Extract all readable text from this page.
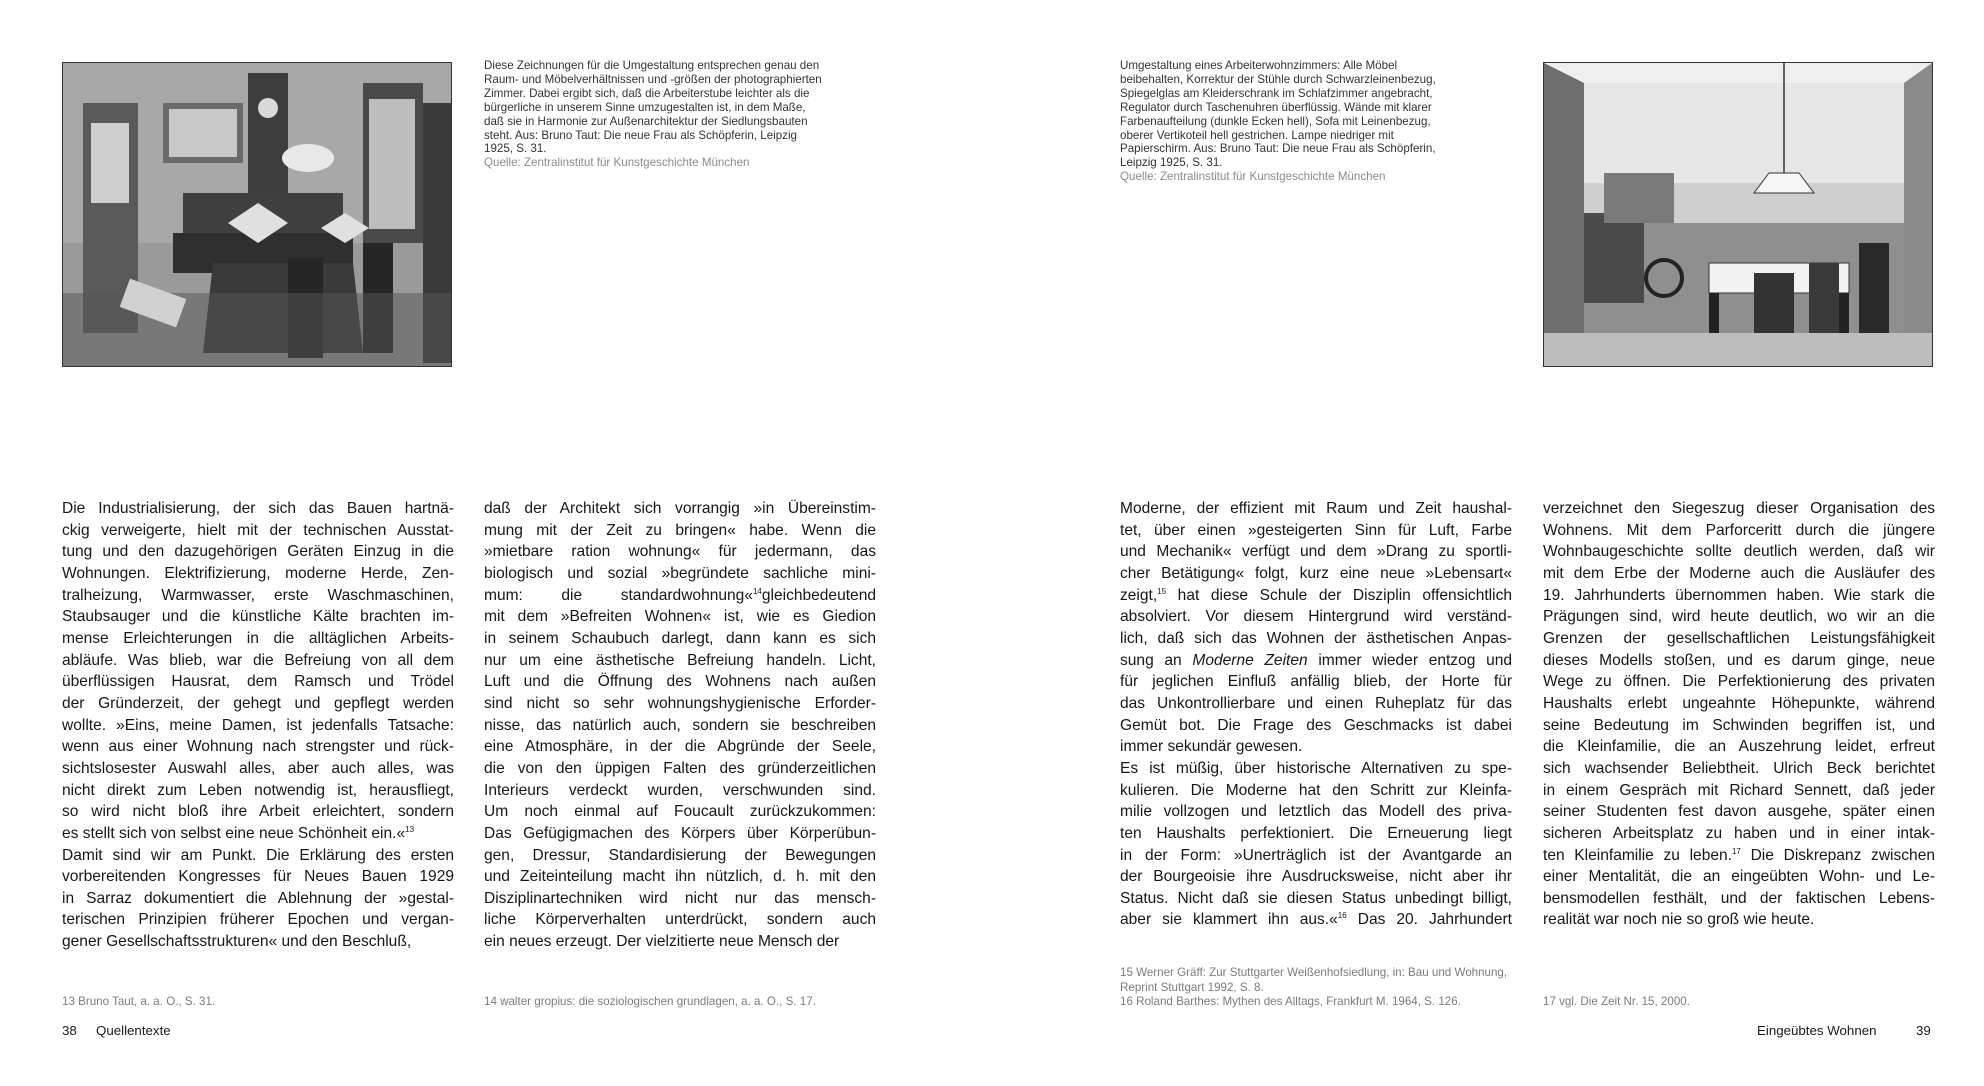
Diese Zeichnungen für die Umgestaltung entsprechen genau den Raum- und Möbelverhältnissen und -größen der photographierten Zimmer. Dabei ergibt sich, daß die Arbeiterstube leichter als die bürgerliche in unserem Sinne umzugestalten ist, in dem Maße, daß sie in Harmonie zur Außenarchitektur der Siedlungsbauten steht. Aus: Bruno Taut: Die neue Frau als Schöpferin, Leipzig 1925, S. 31.
Quelle: Zentralinstitut für Kunstgeschichte München
Die Industrialisierung, der sich das Bauen hartnä-
ckig verweigerte, hielt mit der technischen Ausstat-
tung und den dazugehörigen Geräten Einzug in die
Wohnungen. Elektrifizierung, moderne Herde, Zen-
tralheizung, Warmwasser, erste Waschmaschinen,
Staubsauger und die künstliche Kälte brachten im-
mense Erleichterungen in die alltäglichen Arbeits-
abläufe. Was blieb, war die Befreiung von all dem
überflüssigen Hausrat, dem Ramsch und Trödel
der Gründerzeit, der gehegt und gepflegt werden
wollte. »Eins, meine Damen, ist jedenfalls Tatsache:
wenn aus einer Wohnung nach strengster und rück-
sichtslosester Auswahl alles, aber auch alles, was
nicht direkt zum Leben notwendig ist, herausfliegt,
so wird nicht bloß ihre Arbeit erleichtert, sondern
es stellt sich von selbst eine neue Schönheit ein.«$^{13}$
Damit sind wir am Punkt. Die Erklärung des ersten
vorbereitenden Kongresses für Neues Bauen 1929
in Sarraz dokumentiert die Ablehnung der »gestal-
terischen Prinzipien früherer Epochen und vergan-
gener Gesellschaftsstrukturen« und den Beschluß,
daß der Architekt sich vorrangig »in Übereinstim-
mung mit der Zeit zu bringen« habe. Wenn die
»mietbare ration wohnung« für jedermann, das
biologisch und sozial »begründete sachliche mini-
mum: die standardwohnung«$^{14}$gleichbedeutend
mit dem »Befreiten Wohnen« ist, wie es Giedion
in seinem Schaubuch darlegt, dann kann es sich
nur um eine ästhetische Befreiung handeln. Licht,
Luft und die Öffnung des Wohnens nach außen
sind nicht so sehr wohnungshygienische Erforder-
nisse, das natürlich auch, sondern sie beschreiben
eine Atmosphäre, in der die Abgründe der Seele,
die von den üppigen Falten des gründerzeitlichen
Interieurs verdeckt wurden, verschwunden sind.
Um noch einmal auf Foucault zurückzukommen:
Das Gefügigmachen des Körpers über Körperübun-
gen, Dressur, Standardisierung der Bewegungen
und Zeiteinteilung macht ihn nützlich, d. h. mit den
Disziplinartechniken wird nicht nur das mensch-
liche Körperverhalten unterdrückt, sondern auch
ein neues erzeugt. Der vielzitierte neue Mensch der
13 Bruno Taut, a. a. O., S. 31.	14 walter gropius: die soziologischen grundlagen, a. a. O., S. 17.
38 Quellentexte
Umgestaltung eines Arbeiterwohnzimmers: Alle Möbel beibehalten, Korrektur der Stühle durch Schwarzleinenbezug, Spiegelglas am Kleiderschrank im Schlafzimmer angebracht, Regulator durch Taschenuhren überflüssig. Wände mit klarer Farbenaufteilung (dunkle Ecken hell), Sofa mit Leinenbezug, oberer Vertikoteil hell gestrichen. Lampe niedriger mit Papierschirm. Aus: Bruno Taut: Die neue Frau als Schöpferin, Leipzig 1925, S. 31.
Quelle: Zentralinstitut für Kunstgeschichte München
Moderne, der effizient mit Raum und Zeit haushal-
tet, über einen »gesteigerten Sinn für Luft, Farbe
und Mechanik« verfügt und dem »Drang zu sportli-
cher Betätigung« folgt, kurz eine neue »Lebensart«
zeigt,$^{15}$ hat diese Schule der Disziplin offensichtlich
absolviert. Vor diesem Hintergrund wird verständ-
lich, daß sich das Wohnen der ästhetischen Anpas-
sung an Moderne Zeiten immer wieder entzog und
für jeglichen Einfluß anfällig blieb, der Horte für
das Unkontrollierbare und einen Ruheplatz für das
Gemüt bot. Die Frage des Geschmacks ist dabei
immer sekundär gewesen.
Es ist müßig, über historische Alternativen zu spe-
kulieren. Die Moderne hat den Schritt zur Kleinfa-
milie vollzogen und letztlich das Modell des priva-
ten Haushalts perfektioniert. Die Erneuerung liegt
in der Form: »Unerträglich ist der Avantgarde an
der Bourgeoisie ihre Ausdrucksweise, nicht aber ihr
Status. Nicht daß sie diesen Status unbedingt billigt,
aber sie klammert ihn aus.«$^{16}$ Das 20. Jahrhundert
verzeichnet den Siegeszug dieser Organisation des
Wohnens. Mit dem Parforceritt durch die jüngere
Wohnbaugeschichte sollte deutlich werden, daß wir
mit dem Erbe der Moderne auch die Ausläufer des
19. Jahrhunderts übernommen haben. Wie stark die
Prägungen sind, wird heute deutlich, wo wir an die
Grenzen der gesellschaftlichen Leistungsfähigkeit
dieses Modells stoßen, und es darum ginge, neue
Wege zu öffnen. Die Perfektionierung des privaten
Haushalts erlebt ungeahnte Höhepunkte, während
seine Bedeutung im Schwinden begriffen ist, und
die Kleinfamilie, die an Auszehrung leidet, erfreut
sich wachsender Beliebtheit. Ulrich Beck berichtet
in einem Gespräch mit Richard Sennett, daß jeder
seiner Studenten fest davon ausgehe, später einen
sicheren Arbeitsplatz zu haben und in einer intak-
ten Kleinfamilie zu leben.$^{17}$ Die Diskrepanz zwischen
einer Mentalität, die an eingeübten Wohn- und Le-
bensmodellen festhält, und der faktischen Lebens-
realität war noch nie so groß wie heute.
15 Werner Gräff: Zur Stuttgarter Weißenhofsiedlung, in: Bau und Wohnung, Reprint Stuttgart 1992, S. 8.
16 Roland Barthes: Mythen des Alltags, Frankfurt M. 1964, S. 126.	17 vgl. Die Zeit Nr. 15, 2000.
Eingeübtes Wohnen	39
